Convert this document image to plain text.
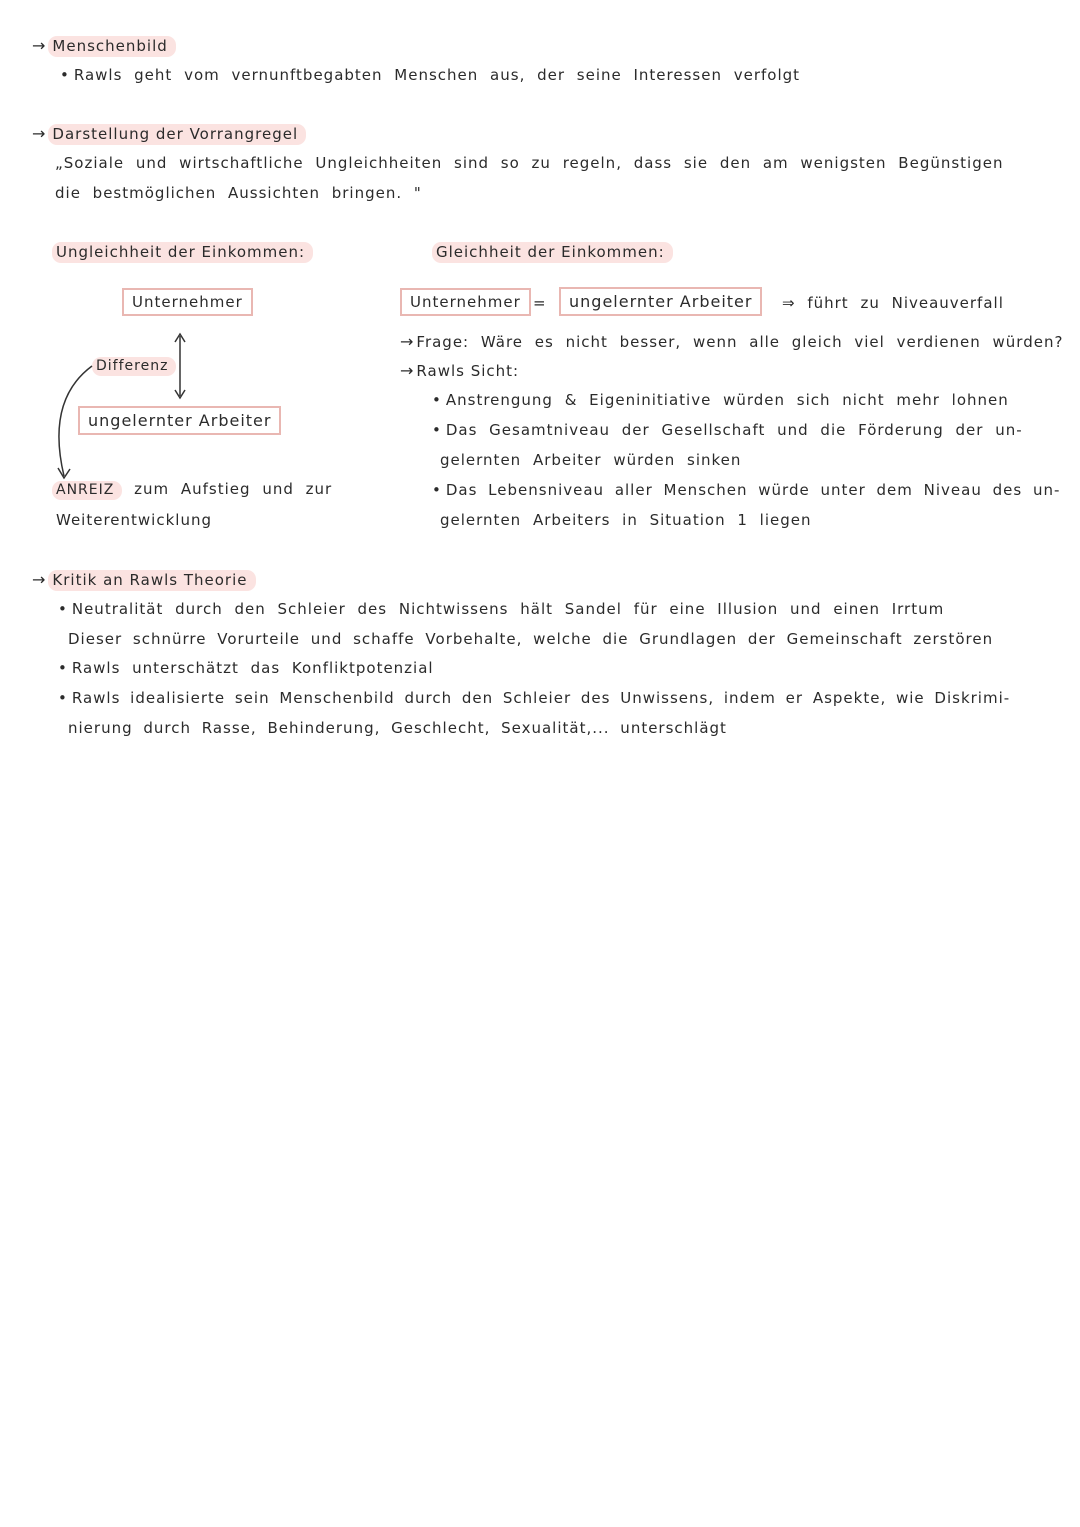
→ Menschenbild
• Rawls geht vom vernunftbegabten Menschen aus, der seine Interessen verfolgt
→ Darstellung der Vorrangregel
„Soziale und wirtschaftliche Ungleichheiten sind so zu regeln, dass sie den am wenigsten Begünstigen
die bestmöglichen Aussichten bringen. "
Ungleichheit der Einkommen:
Unternehmer
Differenz
ungelernter Arbeiter
ANREIZ zum Aufstieg und zur
Weiterentwicklung
Gleichheit der Einkommen:
Unternehmer =	ungelernter Arbeiter	⇒ führt zu Niveauverfall
→ Frage: Wäre es nicht besser, wenn alle gleich viel verdienen würden?
→ Rawls Sicht:
• Anstrengung & Eigeninitiative würden sich nicht mehr lohnen
• Das Gesamtniveau der Gesellschaft und die Förderung der un-
gelernten Arbeiter würden sinken
• Das Lebensniveau aller Menschen würde unter dem Niveau des un-
gelernten Arbeiters in Situation 1 liegen
→ Kritik an Rawls Theorie
• Neutralität durch den Schleier des Nichtwissens hält Sandel für eine Illusion und einen Irrtum
Dieser schnürre Vorurteile und schaffe Vorbehalte, welche die Grundlagen der Gemeinschaft zerstören
• Rawls unterschätzt das Konfliktpotenzial
• Rawls idealisierte sein Menschenbild durch den Schleier des Unwissens, indem er Aspekte, wie Diskrimi-
nierung durch Rasse, Behinderung, Geschlecht, Sexualität,... unterschlägt
